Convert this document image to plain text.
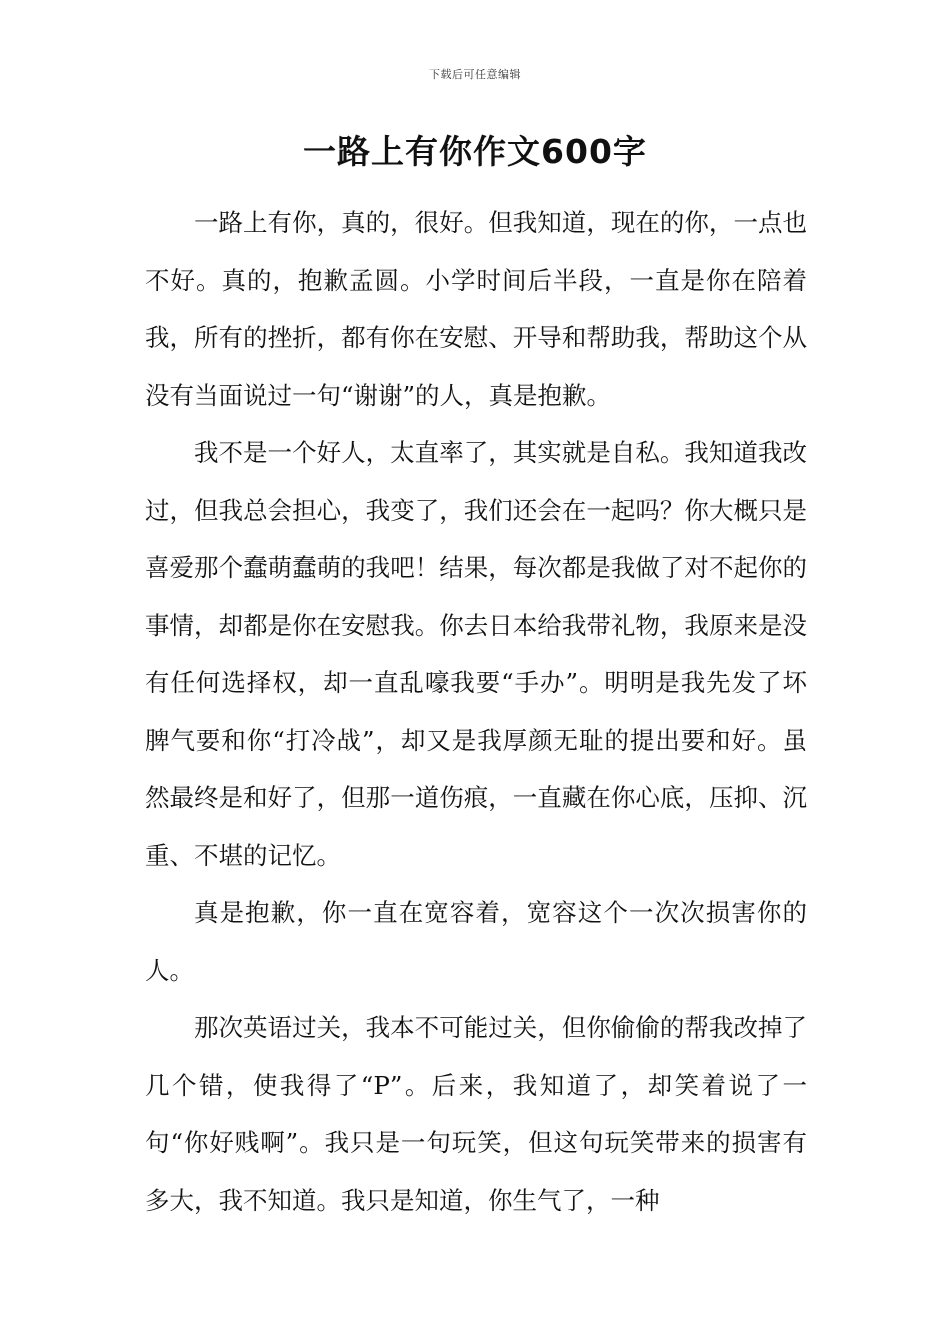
下载后可任意编辑
一路上有你作文600字

一路上有你，真的，很好。但我知道，现在的你，一点也不好。真的，抱歉孟圆。小学时间后半段，一直是你在陪着我，所有的挫折，都有你在安慰、开导和帮助我，帮助这个从没有当面说过一句“谢谢”的人，真是抱歉。

我不是一个好人，太直率了，其实就是自私。我知道我改过，但我总会担心，我变了，我们还会在一起吗？你大概只是喜爱那个蠢萌蠢萌的我吧！结果，每次都是我做了对不起你的事情，却都是你在安慰我。你去日本给我带礼物，我原来是没有任何选择权，却一直乱嚎我要“手办”。明明是我先发了坏脾气要和你“打冷战”，却又是我厚颜无耻的提出要和好。虽然最终是和好了，但那一道伤痕，一直藏在你心底，压抑、沉重、不堪的记忆。

真是抱歉，你一直在宽容着，宽容这个一次次损害你的人。

那次英语过关，我本不可能过关，但你偷偷的帮我改掉了几个错，使我得了“P”。后来，我知道了，却笑着说了一句“你好贱啊”。我只是一句玩笑，但这句玩笑带来的损害有多大，我不知道。我只是知道，你生气了，一种
